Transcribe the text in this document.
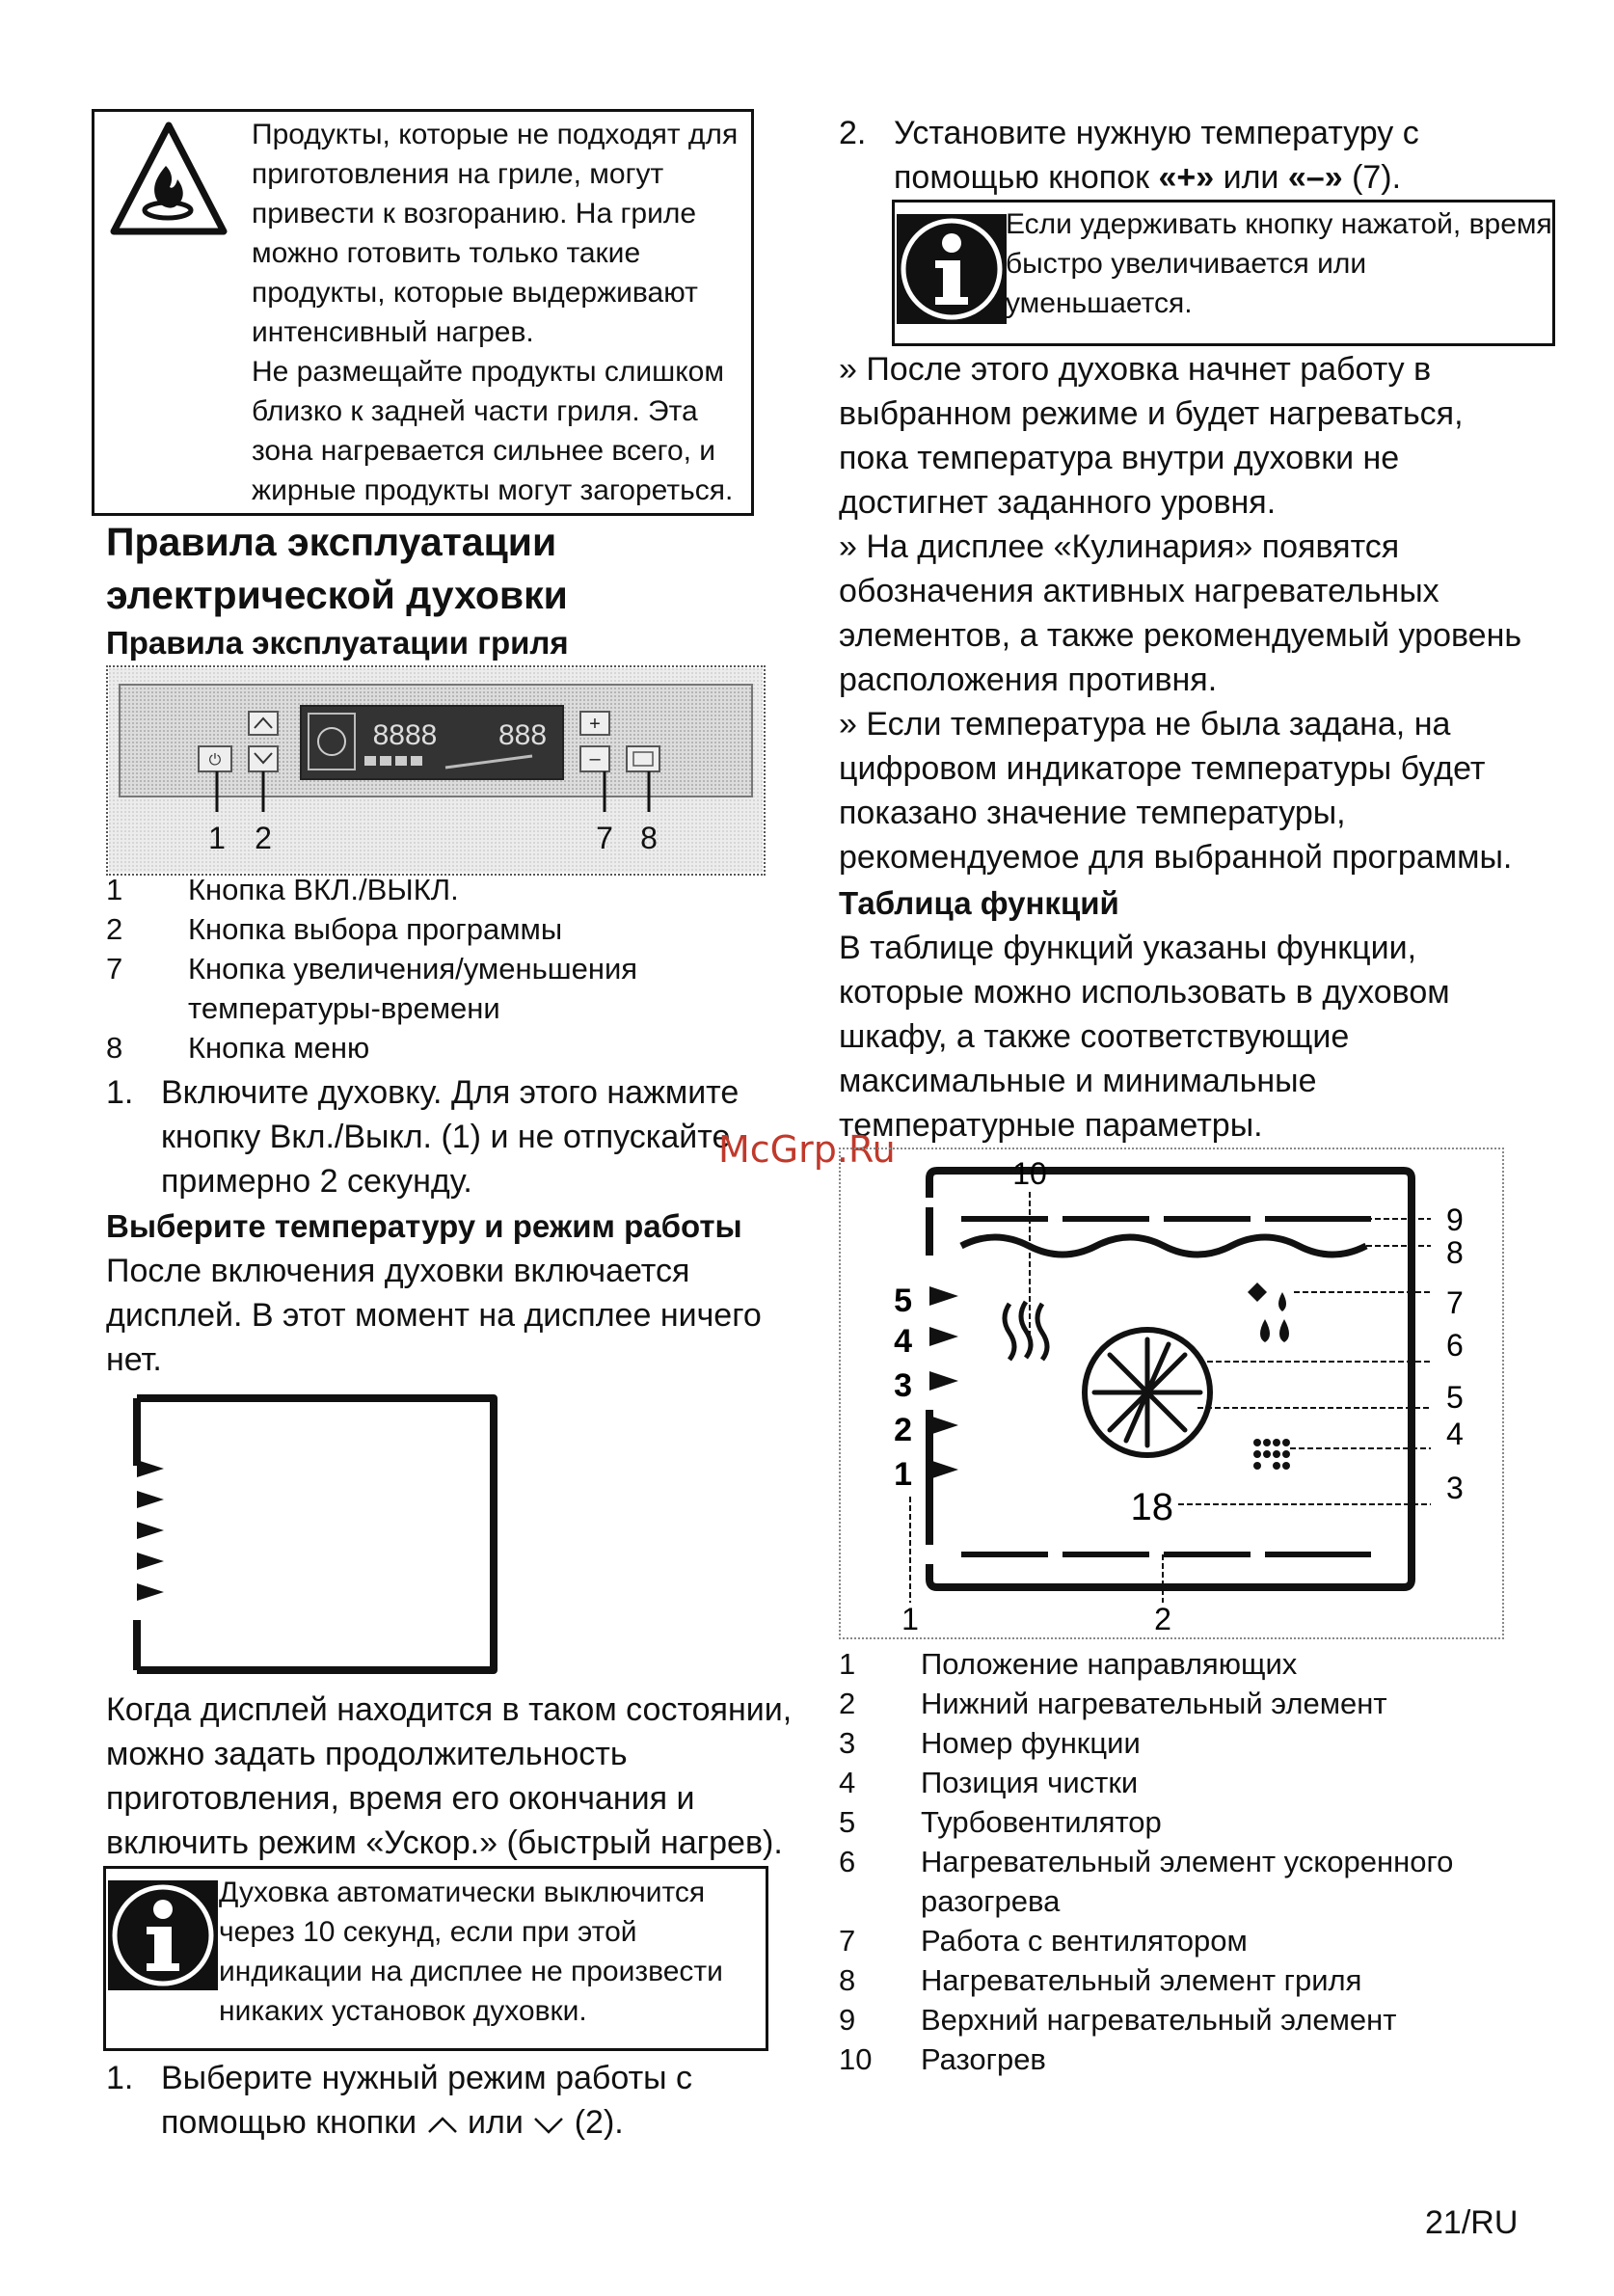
Продукты, которые не подходят для
приготовления на гриле, могут
привести к возгоранию. На гриле
можно готовить только такие
продукты, которые выдерживают
интенсивный нагрев.
Не размещайте продукты слишком
близко к задней части гриля. Эта
зона нагревается сильнее всего, и
жирные продукты могут загореться.
Правила эксплуатации
электрической духовки
Правила эксплуатации гриля
⏻
8888 888 +
–
1 2	7 8
1 Кнопка ВКЛ./ВЫКЛ.
2 Кнопка выбора программы
7 Кнопка увеличения/уменьшения
температуры-времени
8 Кнопка меню
1. Включите духовку. Для этого нажмите
кнопку Вкл./Выкл. (1) и не отпускайте
примерно 2 секунду.
Выберите температуру и режим работы
После включения духовки включается
дисплей. В этот момент на дисплее ничего
нет.
Когда дисплей находится в таком состоянии,
можно задать продолжительность
приготовления, время его окончания и
включить режим «Ускор.» (быстрый нагрев).
Духовка автоматически выключится
через 10 секунд, если при этой
индикации на дисплее не произвести
никаких установок духовки.
1. Выберите нужный режим работы с
помощью кнопки или (2).
2. Установите нужную температуру с
помощью кнопок «+» или «–» (7).
Если удерживать кнопку нажатой, время
быстро увеличивается или
уменьшается.
» После этого духовка начнет работу в
выбранном режиме и будет нагреваться,
пока температура внутри духовки не
достигнет заданного уровня.
» На дисплее «Кулинария» появятся
обозначения активных нагревательных
элементов, а также рекомендуемый уровень
расположения противня.
» Если температура не была задана, на
цифровом индикаторе температуры будет
показано значение температуры,
рекомендуемое для выбранной программы.
Таблица функций
В таблице функций указаны функции,
которые можно использовать в духовом
шкафу, а также соответствующие
максимальные и минимальные
температурные параметры.
McGrp.Ru
5
4
3
2
1
18
10
9
8
7
6
5
4
3
1	2
1 Положение направляющих
2 Нижний нагревательный элемент
3 Номер функции
4 Позиция чистки
5 Турбовентилятор
6 Нагревательный элемент ускоренного
разогрева
7 Работа с вентилятором
8 Нагревательный элемент гриля
9 Верхний нагревательный элемент
10 Разогрев
21/RU
